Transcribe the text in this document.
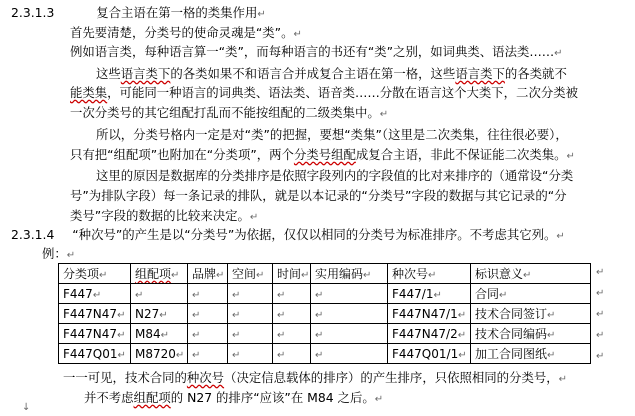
2.3.1.3	复合主语在第一格的类集作用↵
首先要清楚，分类号的使命灵魂是“类”。↵
例如语言类，每种语言算一“类”，而每种语言的书还有“类”之别，如词典类、语法类……↵
这些语言类下的各类如果不和语言合并成复合主语在第一格，这些语言类下的各类就不
能类集，可能同一种语言的词典类、语法类、语音类……分散在语言这个大类下，二次分类被
一次分类号的其它组配打乱而不能按组配的二级类集中。↵
所以，分类号格内一定是对“类”的把握，要想“类集”（这里是二次类集，往往很必要），
只有把“组配项”也附加在“分类项”，两个分类号组配成复合主语，非此不保证能二次类集。↵
这里的原因是数据库的分类排序是依照字段列内的字段值的比对来排序的（通常设“分类
号”为排队字段）每一条记录的排队，就是以本记录的“分类号”字段的数据与其它记录的“分
类号”字段的数据的比较来决定。↵
2.3.1.4 “种次号”的产生是以“分类号”为依据，仅仅以相同的分类号为标准排序。不考虑其它列。↵
例：↵
分类项↵	组配项↵	品牌↵	空间↵	时间↵	实用编码↵	种次号↵	标识意义↵
F447↵	↵	↵	↵	↵	↵	F447/1↵	合同↵
F447N47↵	N27↵	↵	↵	↵	↵	F447N47/1↵	技术合同签订↵
F447N47↵	M84↵	↵	↵	↵	↵	F447N47/2↵	技术合同编码↵
F447Q01↵	M8720↵	↵	↵	↵	↵	F447Q01/1↵	加工合同图纸↵
↵
↵
↵
↵
↵
一一可见，技术合同的种次号（决定信息载体的排序）的产生排序，只依照相同的分类号，↵
并不考虑组配项的 N27 的排序“应该”在 M84 之后。↵
↓
